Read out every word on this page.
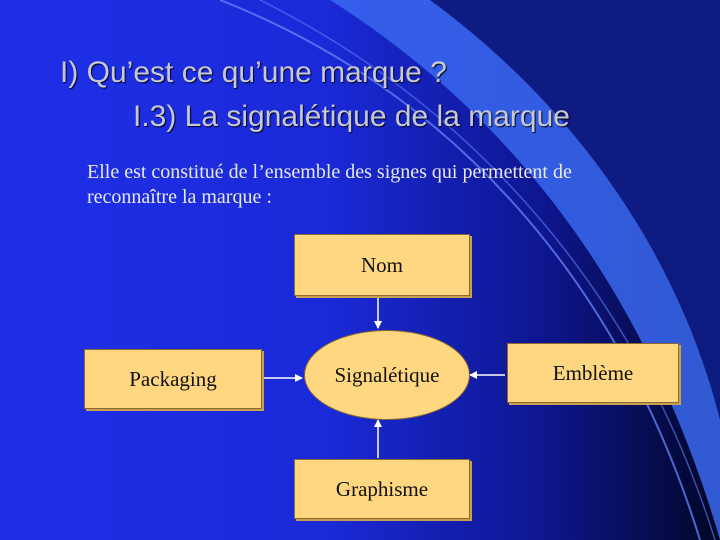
I) Qu’est ce qu’une marque ?
I.3) La signalétique de la marque
Elle est constitué de l’ensemble des signes qui permettent de
reconnaître la marque :
Nom
Packaging	Signalétique	Emblème
Graphisme
